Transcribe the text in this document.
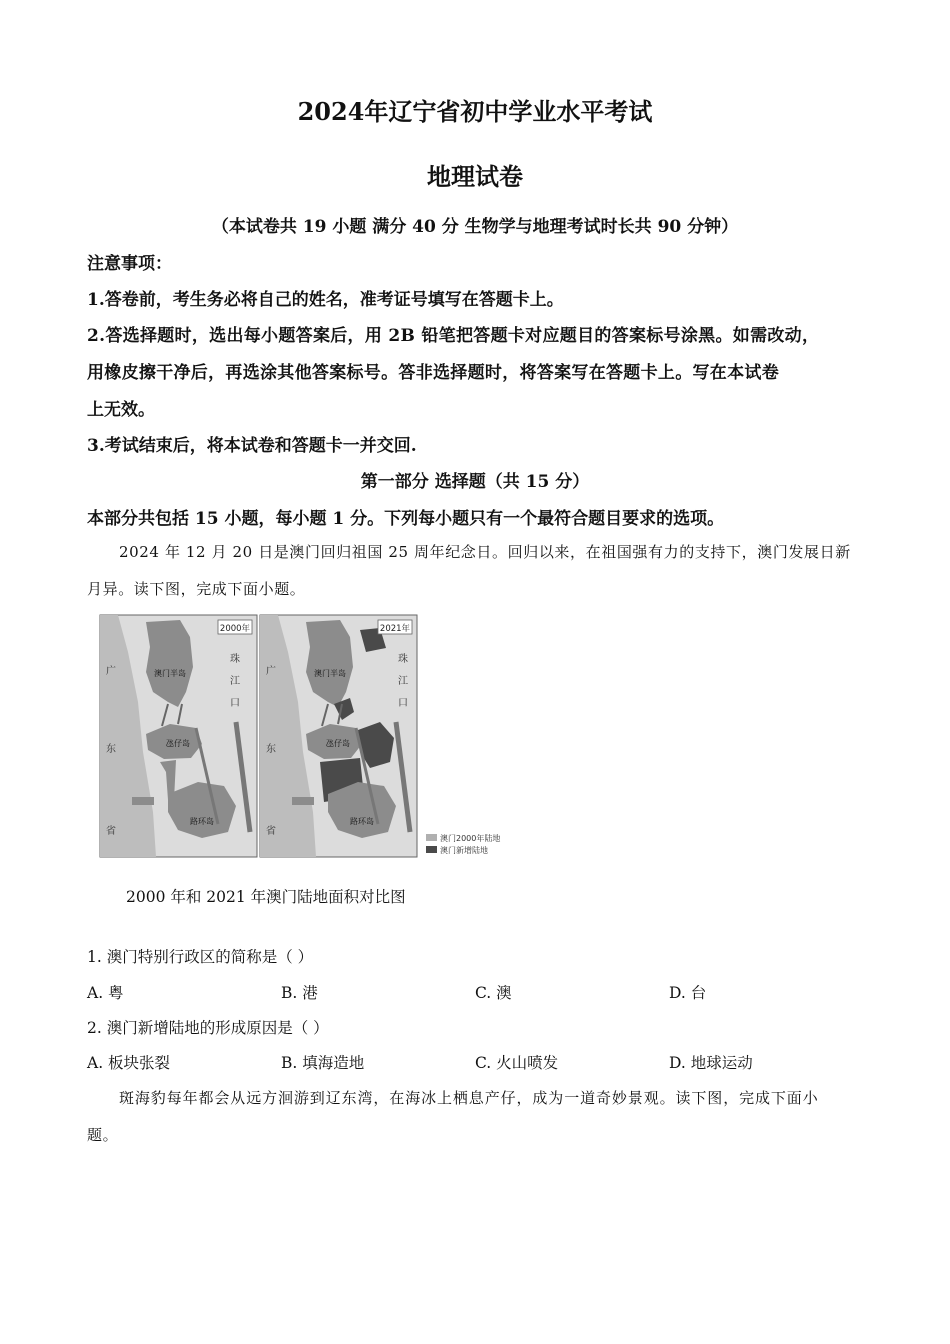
2024年辽宁省初中学业水平考试
地理试卷
（本试卷共 19 小题 满分 40 分 生物学与地理考试时长共 90 分钟）
注意事项：
1.答卷前，考生务必将自己的姓名，准考证号填写在答题卡上。
2.答选择题时，选出每小题答案后，用 2B 铅笔把答题卡对应题目的答案标号涂黑。如需改动，
用橡皮擦干净后，再选涂其他答案标号。答非选择题时，将答案写在答题卡上。写在本试卷
上无效。
3.考试结束后，将本试卷和答题卡一并交回.
第一部分 选择题（共 15 分）
本部分共包括 15 小题，每小题 1 分。下列每小题只有一个最符合题目要求的选项。
2024 年 12 月 20 日是澳门回归祖国 25 周年纪念日。回归以来，在祖国强有力的支持下，澳门发展日新
月异。读下图，完成下面小题。
2000年
广
东
省
珠
江
口
澳门半岛
氹仔岛
路环岛
2021年
广
东
省
珠
江
口
澳门半岛
氹仔岛
路环岛
澳门2000年陆地
澳门新增陆地
2000 年和 2021 年澳门陆地面积对比图
1. 澳门特别行政区的简称是（ ）
A. 粤	B. 港	C. 澳	D. 台
2. 澳门新增陆地的形成原因是（ ）
A. 板块张裂	B. 填海造地	C. 火山喷发	D. 地球运动
斑海豹每年都会从远方洄游到辽东湾，在海冰上栖息产仔，成为一道奇妙景观。读下图，完成下面小
题。
